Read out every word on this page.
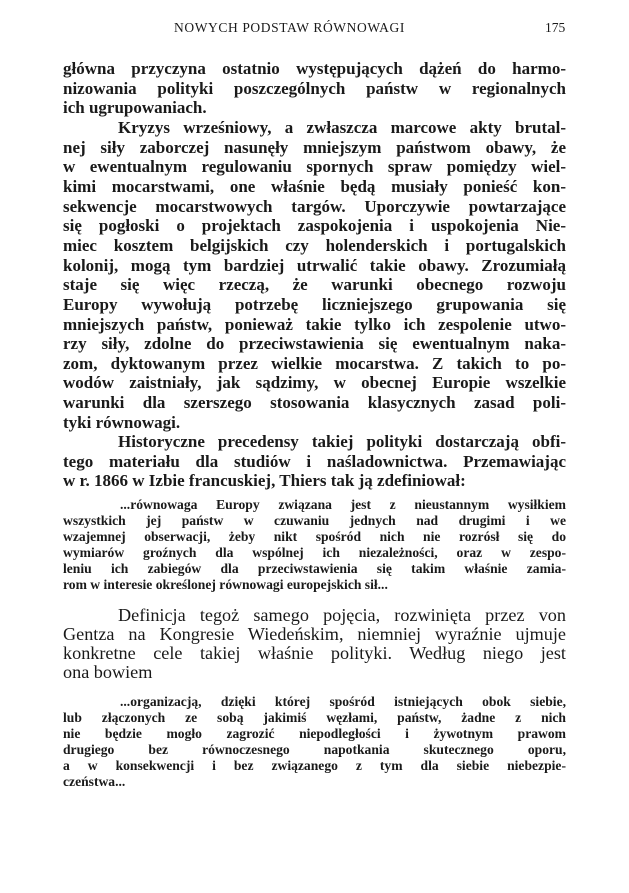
NOWYCH PODSTAW RÓWNOWAGI	175
główna przyczyna ostatnio występujących dążeń do harmo-
nizowania polityki poszczególnych państw w regionalnych
ich ugrupowaniach.
Kryzys wrześniowy, a zwłaszcza marcowe akty brutal-
nej siły zaborczej nasunęły mniejszym państwom obawy, że
w ewentualnym regulowaniu spornych spraw pomiędzy wiel-
kimi mocarstwami, one właśnie będą musiały ponieść kon-
sekwencje mocarstwowych targów. Uporczywie powtarzające
się pogłoski o projektach zaspokojenia i uspokojenia Nie-
miec kosztem belgijskich czy holenderskich i portugalskich
kolonij, mogą tym bardziej utrwalić takie obawy. Zrozumiałą
staje się więc rzeczą, że warunki obecnego rozwoju
Europy wywołują potrzebę liczniejszego grupowania się
mniejszych państw, ponieważ takie tylko ich zespolenie utwo-
rzy siły, zdolne do przeciwstawienia się ewentualnym naka-
zom, dyktowanym przez wielkie mocarstwa. Z takich to po-
wodów zaistniały, jak sądzimy, w obecnej Europie wszelkie
warunki dla szerszego stosowania klasycznych zasad poli-
tyki równowagi.
Historyczne precedensy takiej polityki dostarczają obfi-
tego materiału dla studiów i naśladownictwa. Przemawiając
w r. 1866 w Izbie francuskiej, Thiers tak ją zdefiniował:
...równowaga Europy związana jest z nieustannym wysiłkiem
wszystkich jej państw w czuwaniu jednych nad drugimi i we
wzajemnej obserwacji, żeby nikt spośród nich nie rozrósł się do
wymiarów groźnych dla wspólnej ich niezależności, oraz w zespo-
leniu ich zabiegów dla przeciwstawienia się takim właśnie zamia-
rom w interesie określonej równowagi europejskich sił...
Definicja tegoż samego pojęcia, rozwinięta przez von
Gentza na Kongresie Wiedeńskim, niemniej wyraźnie ujmuje
konkretne cele takiej właśnie polityki. Według niego jest
ona bowiem
...organizacją, dzięki której spośród istniejących obok siebie,
lub złączonych ze sobą jakimiś węzłami, państw, żadne z nich
nie będzie mogło zagrozić niepodległości i żywotnym prawom
drugiego bez równoczesnego napotkania skutecznego oporu,
a w konsekwencji i bez związanego z tym dla siebie niebezpie-
czeństwa...
